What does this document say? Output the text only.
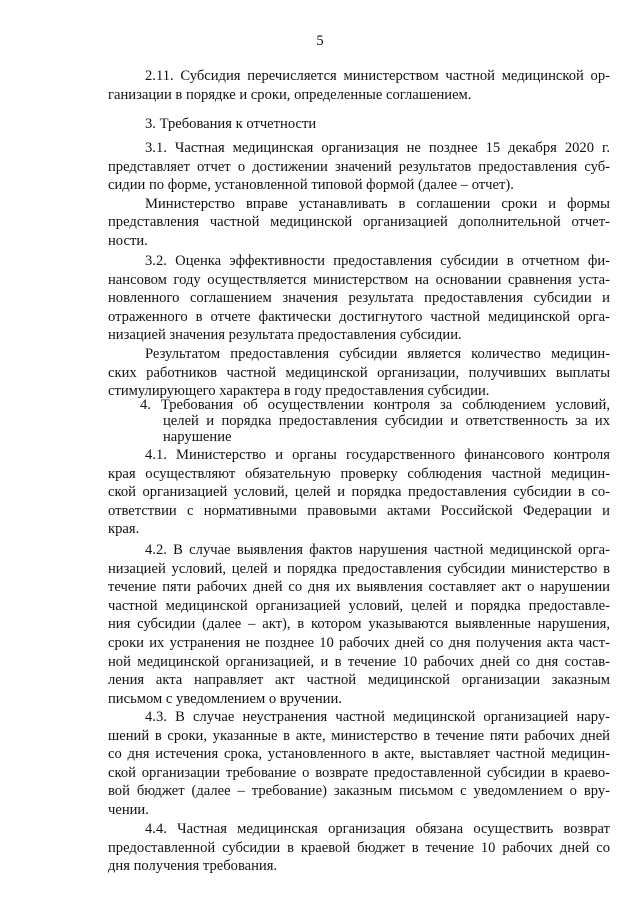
5
2.11. Субсидия перечисляется министерством частной медицинской ор-
ганизации в порядке и сроки, определенные соглашением.
3. Требования к отчетности
3.1. Частная медицинская организация не позднее 15 декабря 2020 г.
представляет отчет о достижении значений результатов предоставления суб-
сидии по форме, установленной типовой формой (далее – отчет).
Министерство вправе устанавливать в соглашении сроки и формы
представления частной медицинской организацией дополнительной отчет-
ности.
3.2. Оценка эффективности предоставления субсидии в отчетном фи-
нансовом году осуществляется министерством на основании сравнения уста-
новленного соглашением значения результата предоставления субсидии и
отраженного в отчете фактически достигнутого частной медицинской орга-
низацией значения результата предоставления субсидии.
Результатом предоставления субсидии является количество медицин-
ских работников частной медицинской организации, получивших выплаты
стимулирующего характера в году предоставления субсидии.
4. Требования об осуществлении контроля за соблюдением условий,
целей и порядка предоставления субсидии и ответственность за их
нарушение
4.1. Министерство и органы государственного финансового контроля
края осуществляют обязательную проверку соблюдения частной медицин-
ской организацией условий, целей и порядка предоставления субсидии в со-
ответствии с нормативными правовыми актами Российской Федерации и
края.
4.2. В случае выявления фактов нарушения частной медицинской орга-
низацией условий, целей и порядка предоставления субсидии министерство в
течение пяти рабочих дней со дня их выявления составляет акт о нарушении
частной медицинской организацией условий, целей и порядка предоставле-
ния субсидии (далее – акт), в котором указываются выявленные нарушения,
сроки их устранения не позднее 10 рабочих дней со дня получения акта част-
ной медицинской организацией, и в течение 10 рабочих дней со дня состав-
ления акта направляет акт частной медицинской организации заказным
письмом с уведомлением о вручении.
4.3. В случае неустранения частной медицинской организацией нару-
шений в сроки, указанные в акте, министерство в течение пяти рабочих дней
со дня истечения срока, установленного в акте, выставляет частной медицин-
ской организации требование о возврате предоставленной субсидии в краево-
вой бюджет (далее – требование) заказным письмом с уведомлением о вру-
чении.
4.4. Частная медицинская организация обязана осуществить возврат
предоставленной субсидии в краевой бюджет в течение 10 рабочих дней со
дня получения требования.
